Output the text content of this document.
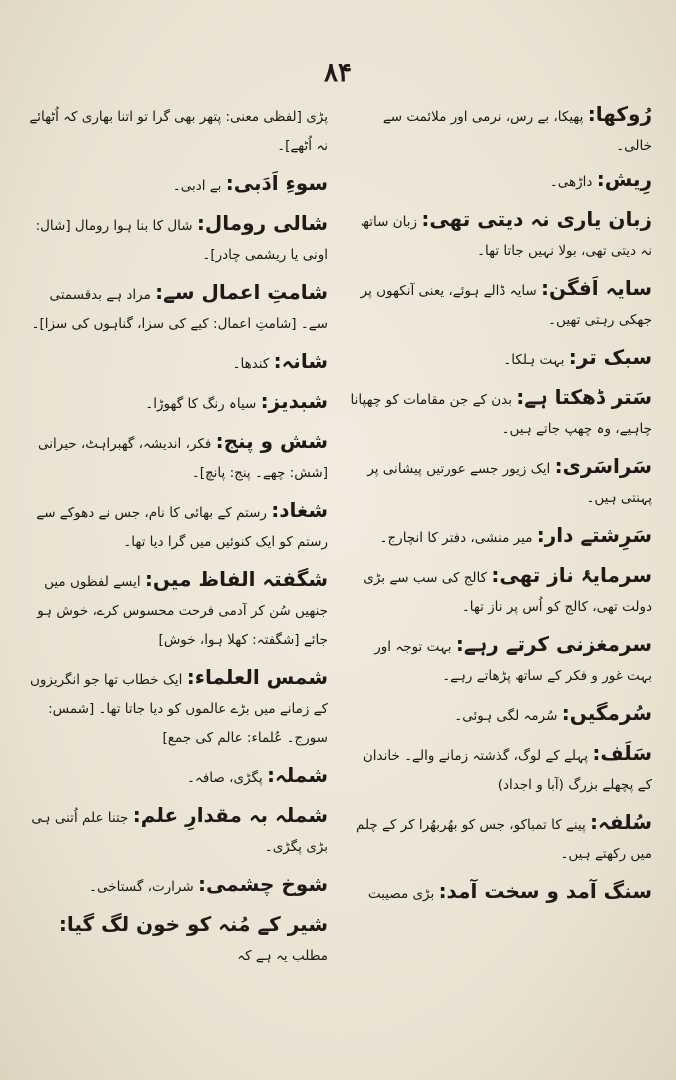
۸۴
رُوکھا: پھیکا، بے رس، نرمی اور ملائمت سے خالی۔
رِیش: داڑھی۔
زبان یاری نہ دیتی تھی: زبان ساتھ نہ دیتی تھی، بولا نہیں جاتا تھا۔
سایہ اَفگن: سایہ ڈالے ہوئے، یعنی آنکھوں پر جھکی رہتی تھیں۔
سبک تر: بہت ہلکا۔
سَتر ڈھکتا ہے: بدن کے جن مقامات کو چھپانا چاہیے، وہ چھپ جاتے ہیں۔
سَراسَری: ایک زیور جسے عورتیں پیشانی پر پہنتی ہیں۔
سَرِشتے دار: میر منشی، دفتر کا انچارج۔
سرمایۂ ناز تھی: کالج کی سب سے بڑی دولت تھی، کالج کو اُس پر ناز تھا۔
سرمغزنی کرتے رہے: بہت توجہ اور بہت غور و فکر کے ساتھ پڑھاتے رہے۔
سُرمگیں: سُرمہ لگی ہوئی۔
سَلَف: پہلے کے لوگ، گذشتہ زمانے والے۔ خاندان کے پچھلے بزرگ (آبا و اجداد)
سُلفہ: پینے کا تمباکو، جس کو بھُربھُرا کر کے چلم میں رکھتے ہیں۔
سنگ آمد و سخت آمد: بڑی مصیبت
پڑی [لفظی معنی: پتھر بھی گرا تو اتنا بھاری کہ اُٹھائے نہ اُٹھے]۔
سوءِ اَدَبی: بے ادبی۔
شالی رومال: شال کا بنا ہوا رومال [شال: اونی یا ریشمی چادر]۔
شامتِ اعمال سے: مراد ہے بدقسمتی سے۔ [شامتِ اعمال: کیے کی سزا، گناہوں کی سزا]۔
شانہ: کندھا۔
شبدیز: سیاہ رنگ کا گھوڑا۔
شش و پنج: فکر، اندیشہ، گھبراہٹ، حیرانی [شش: چھے۔ پنج: پانچ]۔
شغاد: رستم کے بھائی کا نام، جس نے دھوکے سے رستم کو ایک کنوئیں میں گرا دیا تھا۔
شگفتہ الفاظ میں: ایسے لفظوں میں جنھیں سُن کر آدمی فرحت محسوس کرے، خوش ہو جائے [شگفتہ: کھلا ہوا، خوش]
شمس العلماء: ایک خطاب تھا جو انگریزوں کے زمانے میں بڑے عالموں کو دیا جاتا تھا۔ [شمس: سورج۔ عُلماء: عالم کی جمع]
شملہ: پگڑی، صافہ۔
شملہ بہ مقدارِ علم: جتنا علم اُتنی ہی بڑی پگڑی۔
شوخ چشمی: شرارت، گستاخی۔
شیر کے مُنہ کو خون لگ گیا: مطلب یہ ہے کہ
